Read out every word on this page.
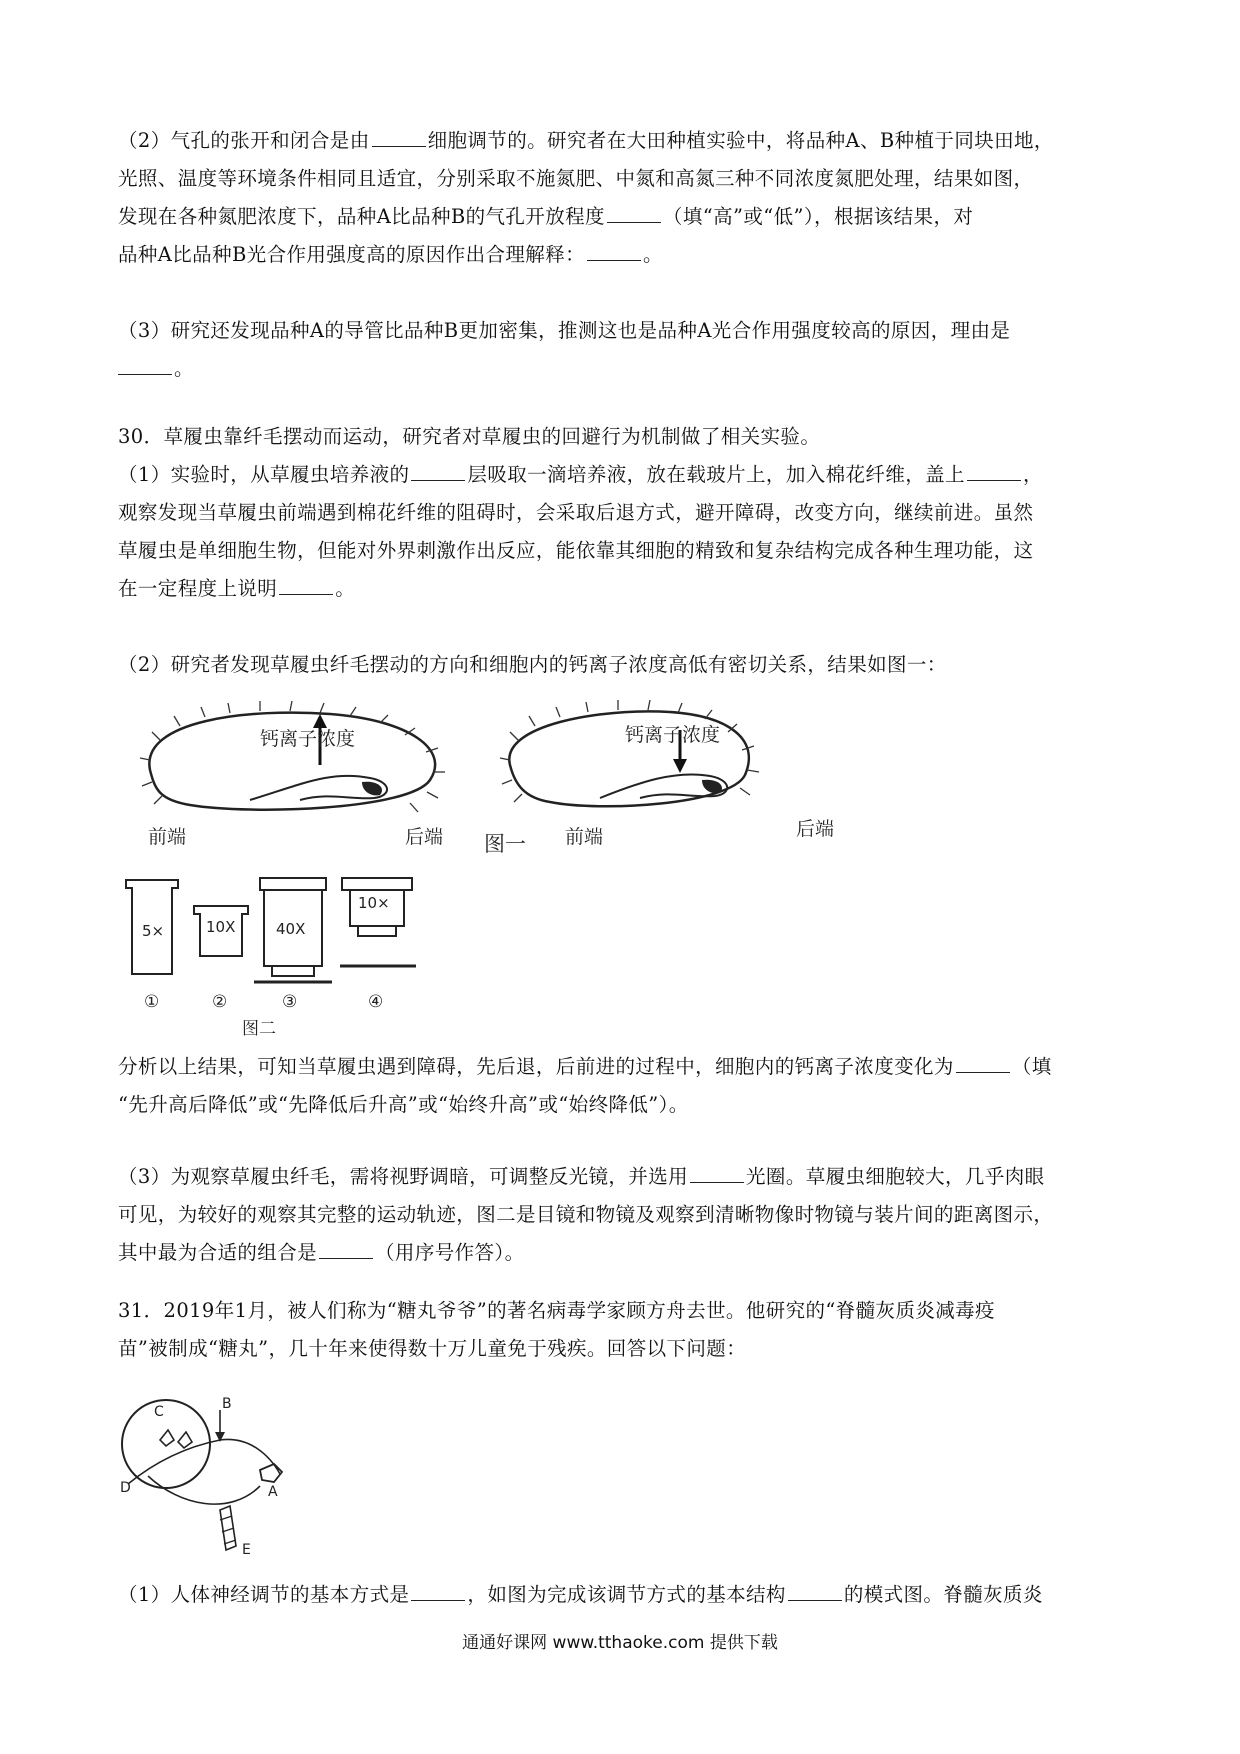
（2）气孔的张开和闭合是由	细胞调节的。研究者在大田种植实验中，将品种A、B种植于同块田地，
光照、温度等环境条件相同且适宜，分别采取不施氮肥、中氮和高氮三种不同浓度氮肥处理，结果如图，
发现在各种氮肥浓度下，品种A比品种B的气孔开放程度	（填“高”或“低”），根据该结果，对
品种A比品种B光合作用强度高的原因作出合理解释：	。

（3）研究还发现品种A的导管比品种B更加密集，推测这也是品种A光合作用强度较高的原因，理由是
。

30．草履虫靠纤毛摆动而运动，研究者对草履虫的回避行为机制做了相关实验。

（1）实验时，从草履虫培养液的	层吸取一滴培养液，放在载玻片上，加入棉花纤维，盖上	，
观察发现当草履虫前端遇到棉花纤维的阻碍时，会采取后退方式，避开障碍，改变方向，继续前进。虽然
草履虫是单细胞生物，但能对外界刺激作出反应，能依靠其细胞的精致和复杂结构完成各种生理功能，这
在一定程度上说明	。

（2）研究者发现草履虫纤毛摆动的方向和细胞内的钙离子浓度高低有密切关系，结果如图一：

钙离子浓度	钙离子浓度
前端	后端 图一 前端	后端
5×	10X	40X
10×
①	②	③	④
图二

分析以上结果，可知当草履虫遇到障碍，先后退，后前进的过程中，细胞内的钙离子浓度变化为	（填
“先升高后降低”或“先降低后升高”或“始终升高”或“始终降低”）。

（3）为观察草履虫纤毛，需将视野调暗，可调整反光镜，并选用	光圈。草履虫细胞较大，几乎肉眼
可见，为较好的观察其完整的运动轨迹，图二是目镜和物镜及观察到清晰物像时物镜与装片间的距离图示，
其中最为合适的组合是	（用序号作答）。

31．2019年1月，被人们称为“糖丸爷爷”的著名病毒学家顾方舟去世。他研究的“脊髓灰质炎减毒疫
苗”被制成“糖丸”，几十年来使得数十万儿童免于残疾。回答以下问题：

C	B
D	A
E

（1）人体神经调节的基本方式是	，如图为完成该调节方式的基本结构	的模式图。脊髓灰质炎

通通好课网 www.tthaoke.com 提供下载
